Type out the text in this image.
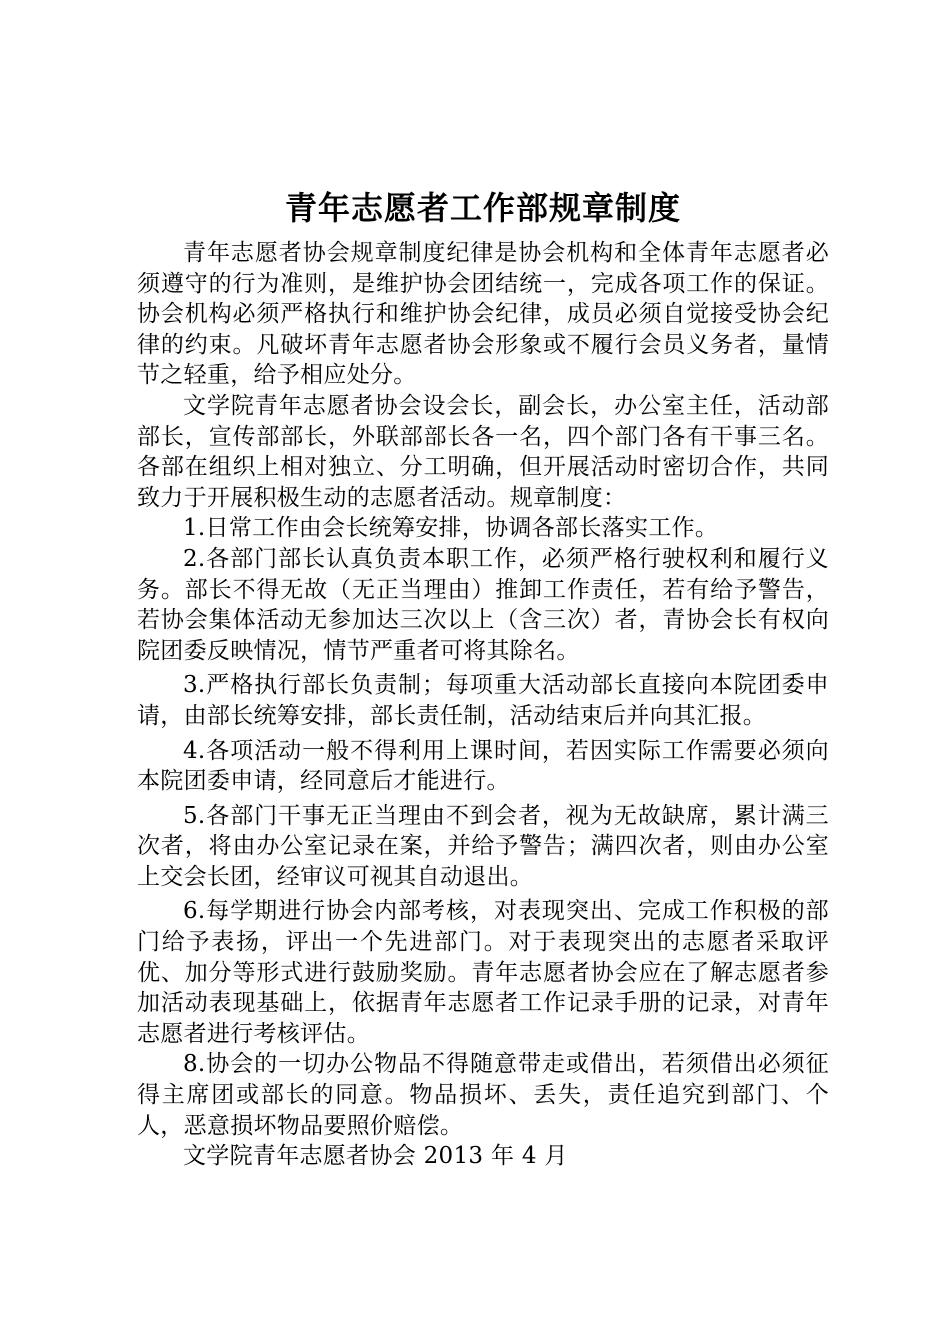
青年志愿者工作部规章制度

青年志愿者协会规章制度纪律是协会机构和全体青年志愿者必须遵守的行为准则，是维护协会团结统一，完成各项工作的保证。协会机构必须严格执行和维护协会纪律，成员必须自觉接受协会纪律的约束。凡破坏青年志愿者协会形象或不履行会员义务者，量情节之轻重，给予相应处分。

文学院青年志愿者协会设会长，副会长，办公室主任，活动部部长，宣传部部长，外联部部长各一名，四个部门各有干事三名。各部在组织上相对独立、分工明确，但开展活动时密切合作，共同致力于开展积极生动的志愿者活动。规章制度：

1.日常工作由会长统筹安排，协调各部长落实工作。

2.各部门部长认真负责本职工作，必须严格行驶权利和履行义务。部长不得无故（无正当理由）推卸工作责任，若有给予警告，若协会集体活动无参加达三次以上（含三次）者，青协会长有权向院团委反映情况，情节严重者可将其除名。

3.严格执行部长负责制；每项重大活动部长直接向本院团委申请，由部长统筹安排，部长责任制，活动结束后并向其汇报。

4.各项活动一般不得利用上课时间，若因实际工作需要必须向本院团委申请，经同意后才能进行。

5.各部门干事无正当理由不到会者，视为无故缺席，累计满三次者，将由办公室记录在案，并给予警告；满四次者，则由办公室上交会长团，经审议可视其自动退出。

6.每学期进行协会内部考核，对表现突出、完成工作积极的部门给予表扬，评出一个先进部门。对于表现突出的志愿者采取评优、加分等形式进行鼓励奖励。青年志愿者协会应在了解志愿者参加活动表现基础上，依据青年志愿者工作记录手册的记录，对青年志愿者进行考核评估。

8.协会的一切办公物品不得随意带走或借出，若须借出必须征得主席团或部长的同意。物品损坏、丢失，责任追究到部门、个人，恶意损坏物品要照价赔偿。

文学院青年志愿者协会 2013 年 4 月
